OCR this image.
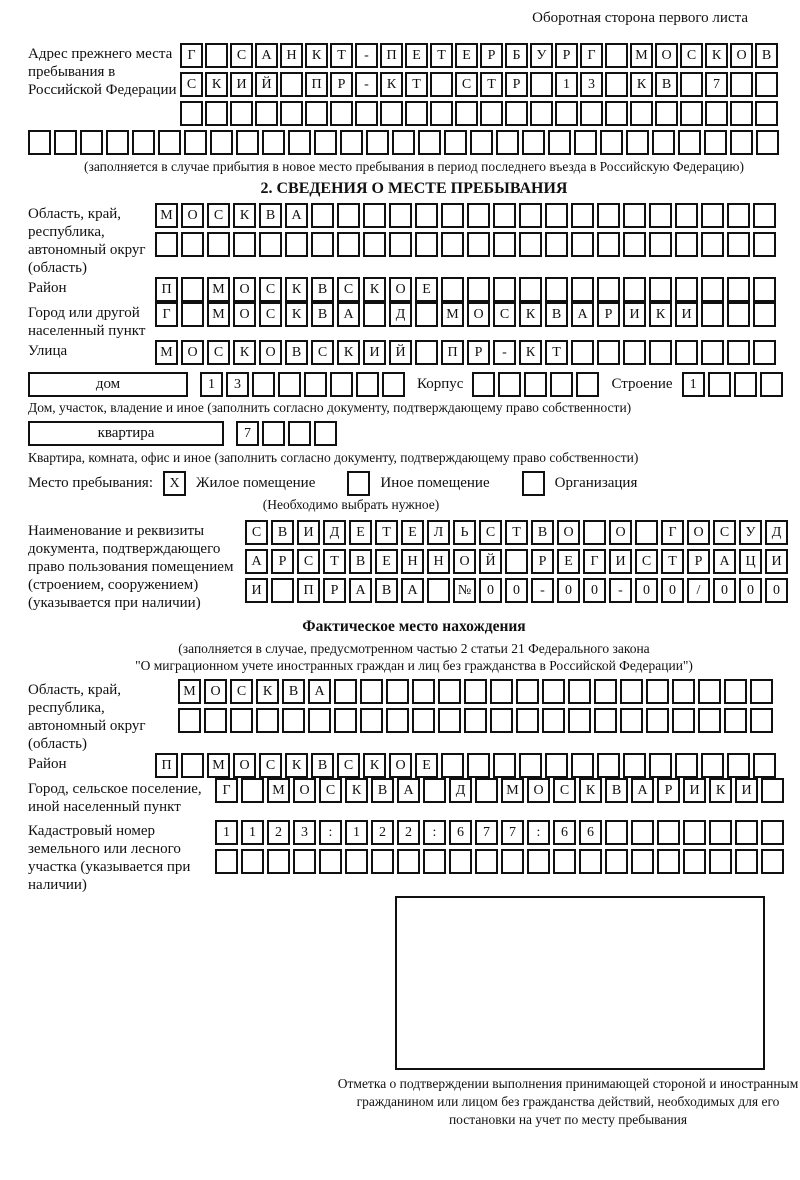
Оборотная сторона первого листа
Адрес прежнего места пребывания в Российской Федерации
Г	С	А	Н	К	Т	-	П	Е	Т	Е	Р	Б	У	Р	Г	М О	С	К	О	В
С	К	И	Й	П	Р	-	К	Т	С	Т	Р	1	3	К	В	7
(заполняется в случае прибытия в новое место пребывания в период последнего въезда в Российскую Федерацию)
2. СВЕДЕНИЯ О МЕСТЕ ПРЕБЫВАНИЯ
Область, край, республика, автономный округ (область)
М	О	С	К	В	А
Район	П	М	О	С	К	В	С	К	О	Е
Город или другой населенный пункт
Г	М	О	С	К	В	А	Д	М	О	С	К	В	А	Р	И	К	И
Улица	М	О	С	К	О	В	С	К	И	Й	П	Р	-	К	Т
дом	1	3	Корпус	Строение	1
Дом, участок, владение и иное (заполнить согласно документу, подтверждающему право собственности)
квартира	7
Квартира, комната, офис и иное (заполнить согласно документу, подтверждающему право собственности)
Место пребывания:	X	Жилое помещение	Иное помещение	Организация
(Необходимо выбрать нужное)
Наименование и реквизиты документа, подтверждающего право пользования помещением (строением, сооружением) (указывается при наличии)
С	В	И	Д	Е	Т	Е	Л	Ь	С	Т	В	О	О	Г	О	С	У	Д
А	Р	С	Т	В	Е	Н	Н	О	Й	Р	Е	Г	И	С	Т	Р	А	Ц	И
И	П	Р	А	В	А	№	0	0	-	0	0	-	0	0	/	0	0	0
Фактическое место нахождения
(заполняется в случае, предусмотренном частью 2 статьи 21 Федерального закона
"О миграционном учете иностранных граждан и лиц без гражданства в Российской Федерации")
Область, край, республика, автономный округ (область)
М	О	С	К	В	А
Район	П	М	О	С	К	В	С	К	О	Е
Город, сельское поселение, иной населенный пункт
Г	М	О	С	К	В	А	Д	М	О	С	К	В	А	Р	И	К	И
Кадастровый номер земельного или лесного участка (указывается при наличии)
1	1	2	3	:	1	2	2	:	6	7	7	:	6	6
Отметка о подтверждении выполнения принимающей стороной и иностранным гражданином или лицом без гражданства действий, необходимых для его постановки на учет по месту пребывания
